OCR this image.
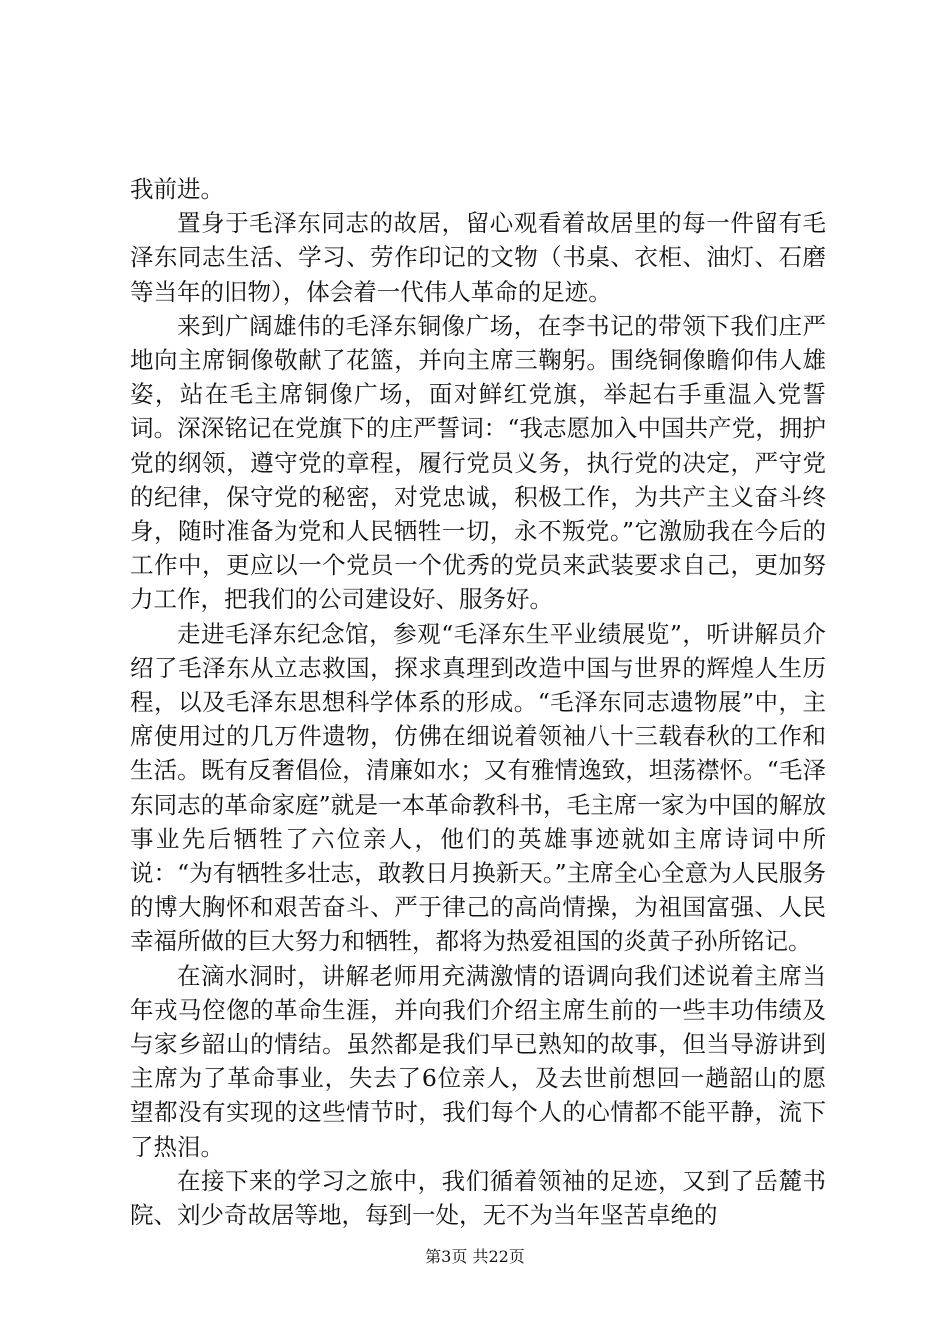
我前进。

置身于毛泽东同志的故居，留心观看着故居里的每一件留有毛泽东同志生活、学习、劳作印记的文物（书桌、衣柜、油灯、石磨等当年的旧物），体会着一代伟人革命的足迹。

来到广阔雄伟的毛泽东铜像广场，在李书记的带领下我们庄严地向主席铜像敬献了花篮，并向主席三鞠躬。围绕铜像瞻仰伟人雄姿，站在毛主席铜像广场，面对鲜红党旗，举起右手重温入党誓词。深深铭记在党旗下的庄严誓词：“我志愿加入中国共产党，拥护党的纲领，遵守党的章程，履行党员义务，执行党的决定，严守党的纪律，保守党的秘密，对党忠诚，积极工作，为共产主义奋斗终身，随时准备为党和人民牺牲一切，永不叛党。”它激励我在今后的工作中，更应以一个党员一个优秀的党员来武装要求自己，更加努力工作，把我们的公司建设好、服务好。

走进毛泽东纪念馆，参观“毛泽东生平业绩展览”，听讲解员介绍了毛泽东从立志救国，探求真理到改造中国与世界的辉煌人生历程，以及毛泽东思想科学体系的形成。“毛泽东同志遗物展”中，主席使用过的几万件遗物，仿佛在细说着领袖八十三载春秋的工作和生活。既有反奢倡俭，清廉如水；又有雅情逸致，坦荡襟怀。“毛泽东同志的革命家庭”就是一本革命教科书，毛主席一家为中国的解放事业先后牺牲了六位亲人，他们的英雄事迹就如主席诗词中所说：“为有牺牲多壮志，敢教日月换新天。”主席全心全意为人民服务的博大胸怀和艰苦奋斗、严于律己的高尚情操，为祖国富强、人民幸福所做的巨大努力和牺牲，都将为热爱祖国的炎黄子孙所铭记。

在滴水洞时，讲解老师用充满激情的语调向我们述说着主席当年戎马倥偬的革命生涯，并向我们介绍主席生前的一些丰功伟绩及与家乡韶山的情结。虽然都是我们早已熟知的故事，但当导游讲到主席为了革命事业，失去了6位亲人，及去世前想回一趟韶山的愿望都没有实现的这些情节时，我们每个人的心情都不能平静，流下了热泪。

在接下来的学习之旅中，我们循着领袖的足迹，又到了岳麓书院、刘少奇故居等地，每到一处，无不为当年坚苦卓绝的

第3页 共22页
